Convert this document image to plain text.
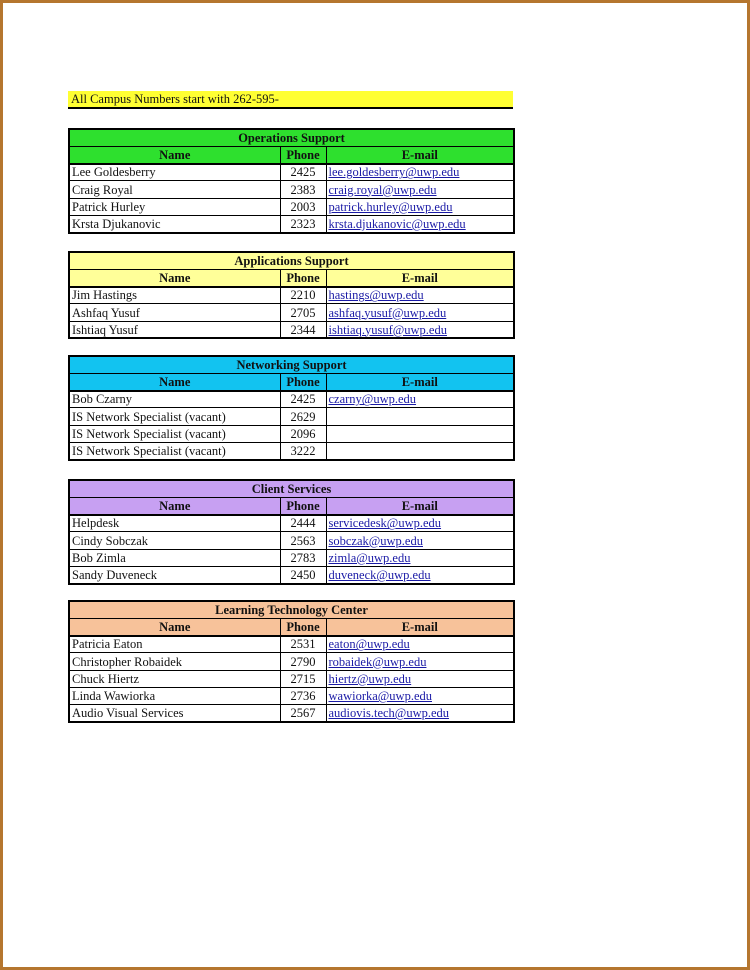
All Campus Numbers start with 262-595-
Operations Support		
Name	Phone	E-mail
Lee Goldesberry	2425	lee.goldesberry@uwp.edu
Craig Royal	2383	craig.royal@uwp.edu
Patrick Hurley	2003	patrick.hurley@uwp.edu
Krsta Djukanovic	2323	krsta.djukanovic@uwp.edu
Applications Support		
Name	Phone	E-mail
Jim Hastings	2210	hastings@uwp.edu
Ashfaq Yusuf	2705	ashfaq.yusuf@uwp.edu
Ishtiaq Yusuf	2344	ishtiaq.yusuf@uwp.edu
Networking Support		
Name	Phone	E-mail
Bob Czarny	2425	czarny@uwp.edu
IS Network Specialist (vacant)	2629	
IS Network Specialist (vacant)	2096	
IS Network Specialist (vacant)	3222	
Client Services		
Name	Phone	E-mail
Helpdesk	2444	servicedesk@uwp.edu
Cindy Sobczak	2563	sobczak@uwp.edu
Bob Zimla	2783	zimla@uwp.edu
Sandy Duveneck	2450	duveneck@uwp.edu
Learning Technology Center		
Name	Phone	E-mail
Patricia Eaton	2531	eaton@uwp.edu
Christopher Robaidek	2790	robaidek@uwp.edu
Chuck Hiertz	2715	hiertz@uwp.edu
Linda Wawiorka	2736	wawiorka@uwp.edu
Audio Visual Services	2567	audiovis.tech@uwp.edu
